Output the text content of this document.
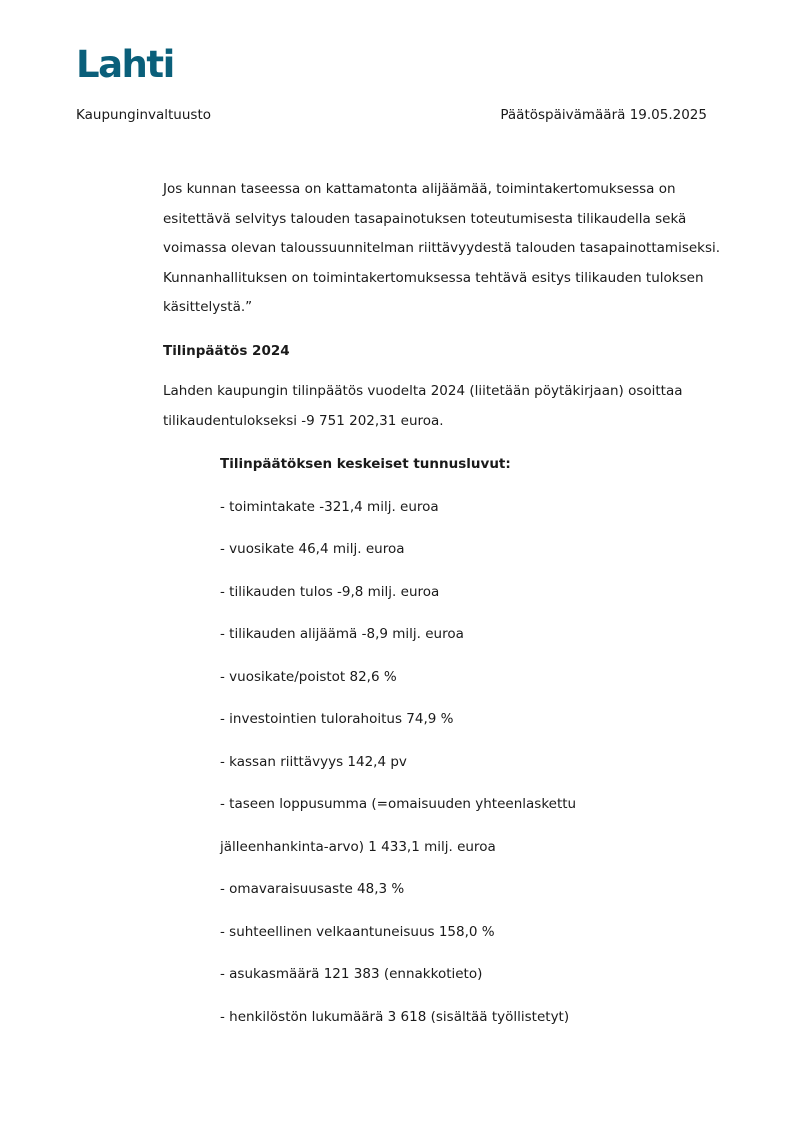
Lahti
Kaupunginvaltuusto	Päätöspäivämäärä 19.05.2025
Jos kunnan taseessa on kattamatonta alijäämää, toimintakertomuksessa on esitettävä selvitys talouden tasapainotuksen toteutumisesta tilikaudella sekä voimassa olevan taloussuunnitelman riittävyydestä talouden tasapainottamiseksi. Kunnanhallituksen on toimintakertomuksessa tehtävä esitys tilikauden tuloksen käsittelystä.”
Tilinpäätös 2024
Lahden kaupungin tilinpäätös vuodelta 2024 (liitetään pöytäkirjaan) osoittaa tilikaudentulokseksi -9 751 202,31 euroa.
Tilinpäätöksen keskeiset tunnusluvut:
- toimintakate -321,4 milj. euroa
- vuosikate 46,4 milj. euroa
- tilikauden tulos -9,8 milj. euroa
- tilikauden alijäämä -8,9 milj. euroa
- vuosikate/poistot 82,6 %
- investointien tulorahoitus 74,9 %
- kassan riittävyys 142,4 pv
- taseen loppusumma (=omaisuuden yhteenlaskettu
jälleenhankinta-arvo) 1 433,1 milj. euroa
- omavaraisuusaste 48,3 %
- suhteellinen velkaantuneisuus 158,0 %
- asukasmäärä 121 383 (ennakkotieto)
- henkilöstön lukumäärä 3 618 (sisältää työllistetyt)
